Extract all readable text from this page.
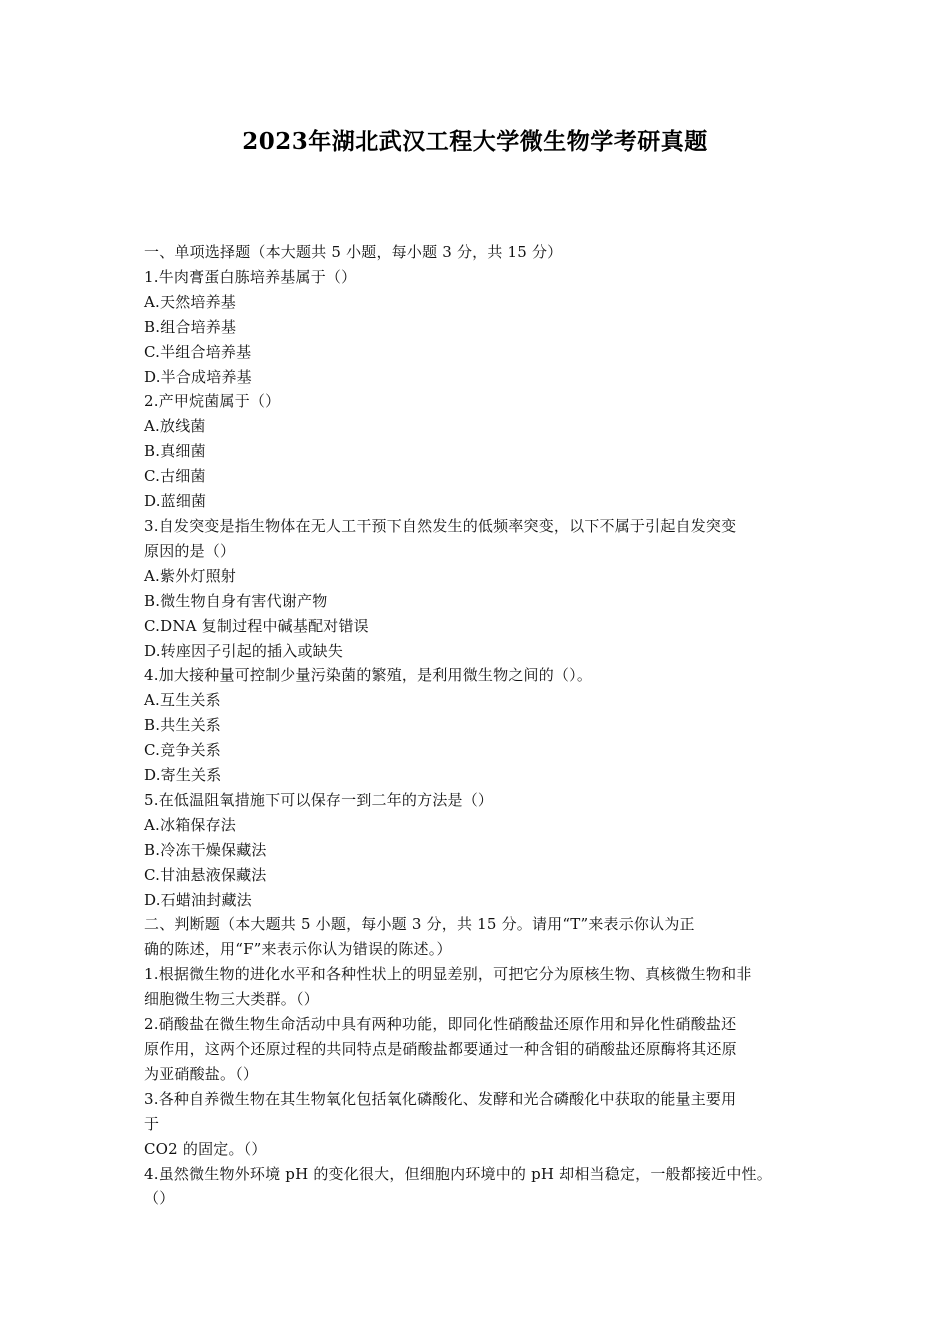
2023年湖北武汉工程大学微生物学考研真题
一、单项选择题（本大题共 5 小题，每小题 3 分，共 15 分）
1.牛肉膏蛋白胨培养基属于（）
A.天然培养基
B.组合培养基
C.半组合培养基
D.半合成培养基
2.产甲烷菌属于（）
A.放线菌
B.真细菌
C.古细菌
D.蓝细菌
3.自发突变是指生物体在无人工干预下自然发生的低频率突变，以下不属于引起自发突变
原因的是（）
A.紫外灯照射
B.微生物自身有害代谢产物
C.DNA 复制过程中碱基配对错误
D.转座因子引起的插入或缺失
4.加大接种量可控制少量污染菌的繁殖，是利用微生物之间的（）。
A.互生关系
B.共生关系
C.竞争关系
D.寄生关系
5.在低温阻氧措施下可以保存一到二年的方法是（）
A.冰箱保存法
B.冷冻干燥保藏法
C.甘油悬液保藏法
D.石蜡油封藏法
二、判断题（本大题共 5 小题，每小题 3 分，共 15 分。请用“T”来表示你认为正
确的陈述，用“F”来表示你认为错误的陈述。）
1.根据微生物的进化水平和各种性状上的明显差别，可把它分为原核生物、真核微生物和非
细胞微生物三大类群。（）
2.硝酸盐在微生物生命活动中具有两种功能，即同化性硝酸盐还原作用和异化性硝酸盐还
原作用，这两个还原过程的共同特点是硝酸盐都要通过一种含钼的硝酸盐还原酶将其还原
为亚硝酸盐。（）
3.各种自养微生物在其生物氧化包括氧化磷酸化、发酵和光合磷酸化中获取的能量主要用
于
CO2 的固定。（）
4.虽然微生物外环境 pH 的变化很大，但细胞内环境中的 pH 却相当稳定，一般都接近中性。
（）
